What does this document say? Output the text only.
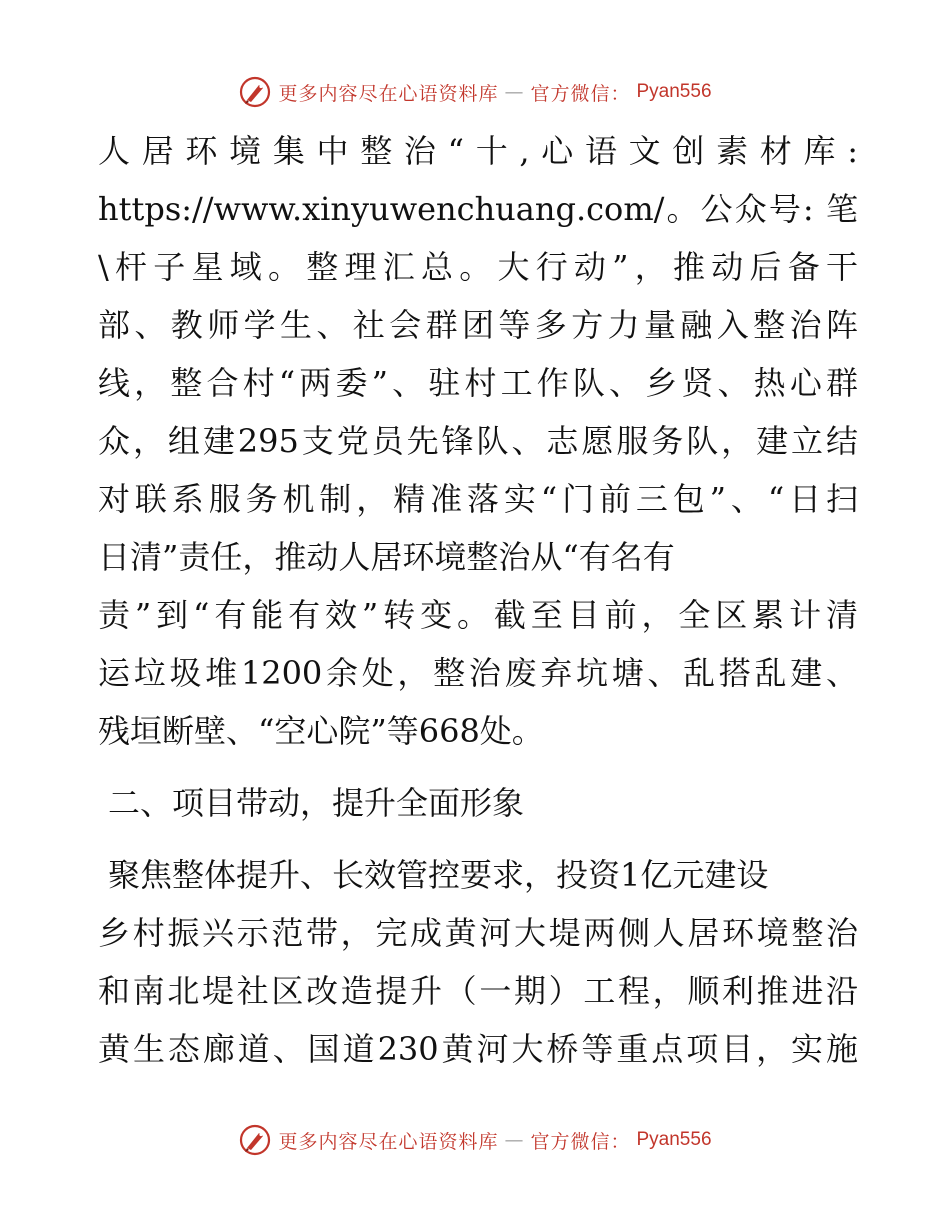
更多内容尽在心语资料库 — 官方微信： Pyan556
人居环境集中整治“十,心语文创素材库:
https://www.xinyuwenchuang.com/。公众号: 笔
\杆子星域。整理汇总。大行动”，推动后备干
部、教师学生、社会群团等多方力量融入整治阵
线，整合村“两委”、驻村工作队、乡贤、热心群
众，组建295支党员先锋队、志愿服务队，建立结
对联系服务机制，精准落实“门前三包”、“日扫
日清”责任，推动人居环境整治从“有名有
责”到“有能有效”转变。截至目前，全区累计清
运垃圾堆1200余处，整治废弃坑塘、乱搭乱建、
残垣断壁、“空心院”等668处。
二、项目带动，提升全面形象
聚焦整体提升、长效管控要求，投资1亿元建设
乡村振兴示范带，完成黄河大堤两侧人居环境整治
和南北堤社区改造提升（一期）工程，顺利推进沿
黄生态廊道、国道230黄河大桥等重点项目，实施
更多内容尽在心语资料库 — 官方微信： Pyan556
